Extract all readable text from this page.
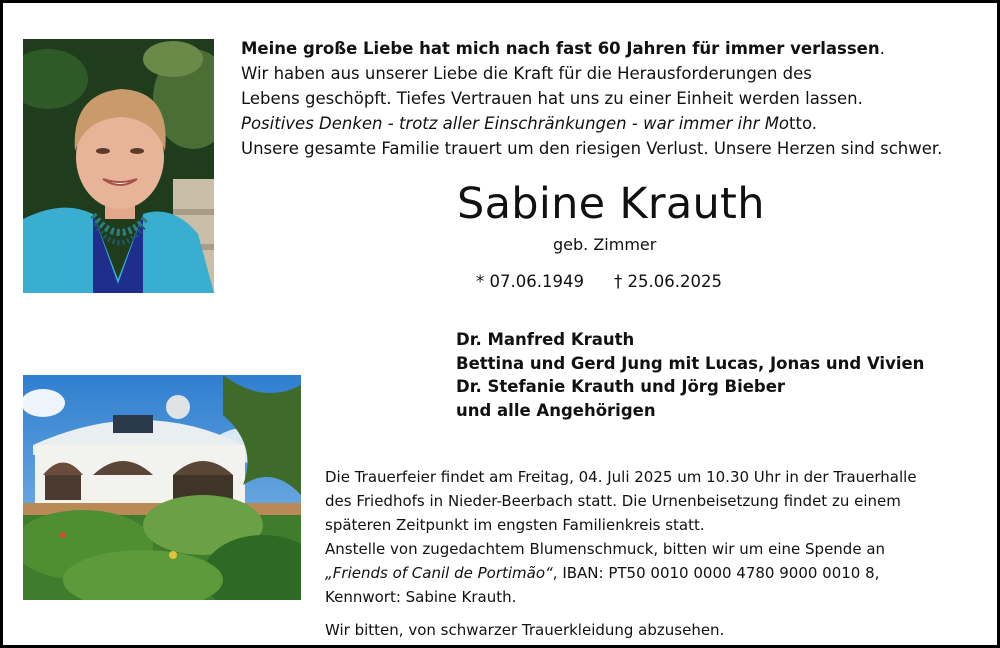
Meine große Liebe hat mich nach fast 60 Jahren für immer verlassen.
Wir haben aus unserer Liebe die Kraft für die Herausforderungen des
Lebens geschöpft. Tiefes Vertrauen hat uns zu einer Einheit werden lassen.
Positives Denken - trotz aller Einschränkungen - war immer ihr Motto.
Unsere gesamte Familie trauert um den riesigen Verlust. Unsere Herzen sind schwer.
Sabine Krauth
geb. Zimmer
* 07.06.1949 † 25.06.2025
Dr. Manfred Krauth
Bettina und Gerd Jung mit Lucas, Jonas und Vivien
Dr. Stefanie Krauth und Jörg Bieber
und alle Angehörigen
Die Trauerfeier findet am Freitag, 04. Juli 2025 um 10.30 Uhr in der Trauerhalle
des Friedhofs in Nieder-Beerbach statt. Die Urnenbeisetzung findet zu einem
späteren Zeitpunkt im engsten Familienkreis statt.
Anstelle von zugedachtem Blumenschmuck, bitten wir um eine Spende an
„Friends of Canil de Portimão“, IBAN: PT50 0010 0000 4780 9000 0010 8,
Kennwort: Sabine Krauth.
Wir bitten, von schwarzer Trauerkleidung abzusehen.
